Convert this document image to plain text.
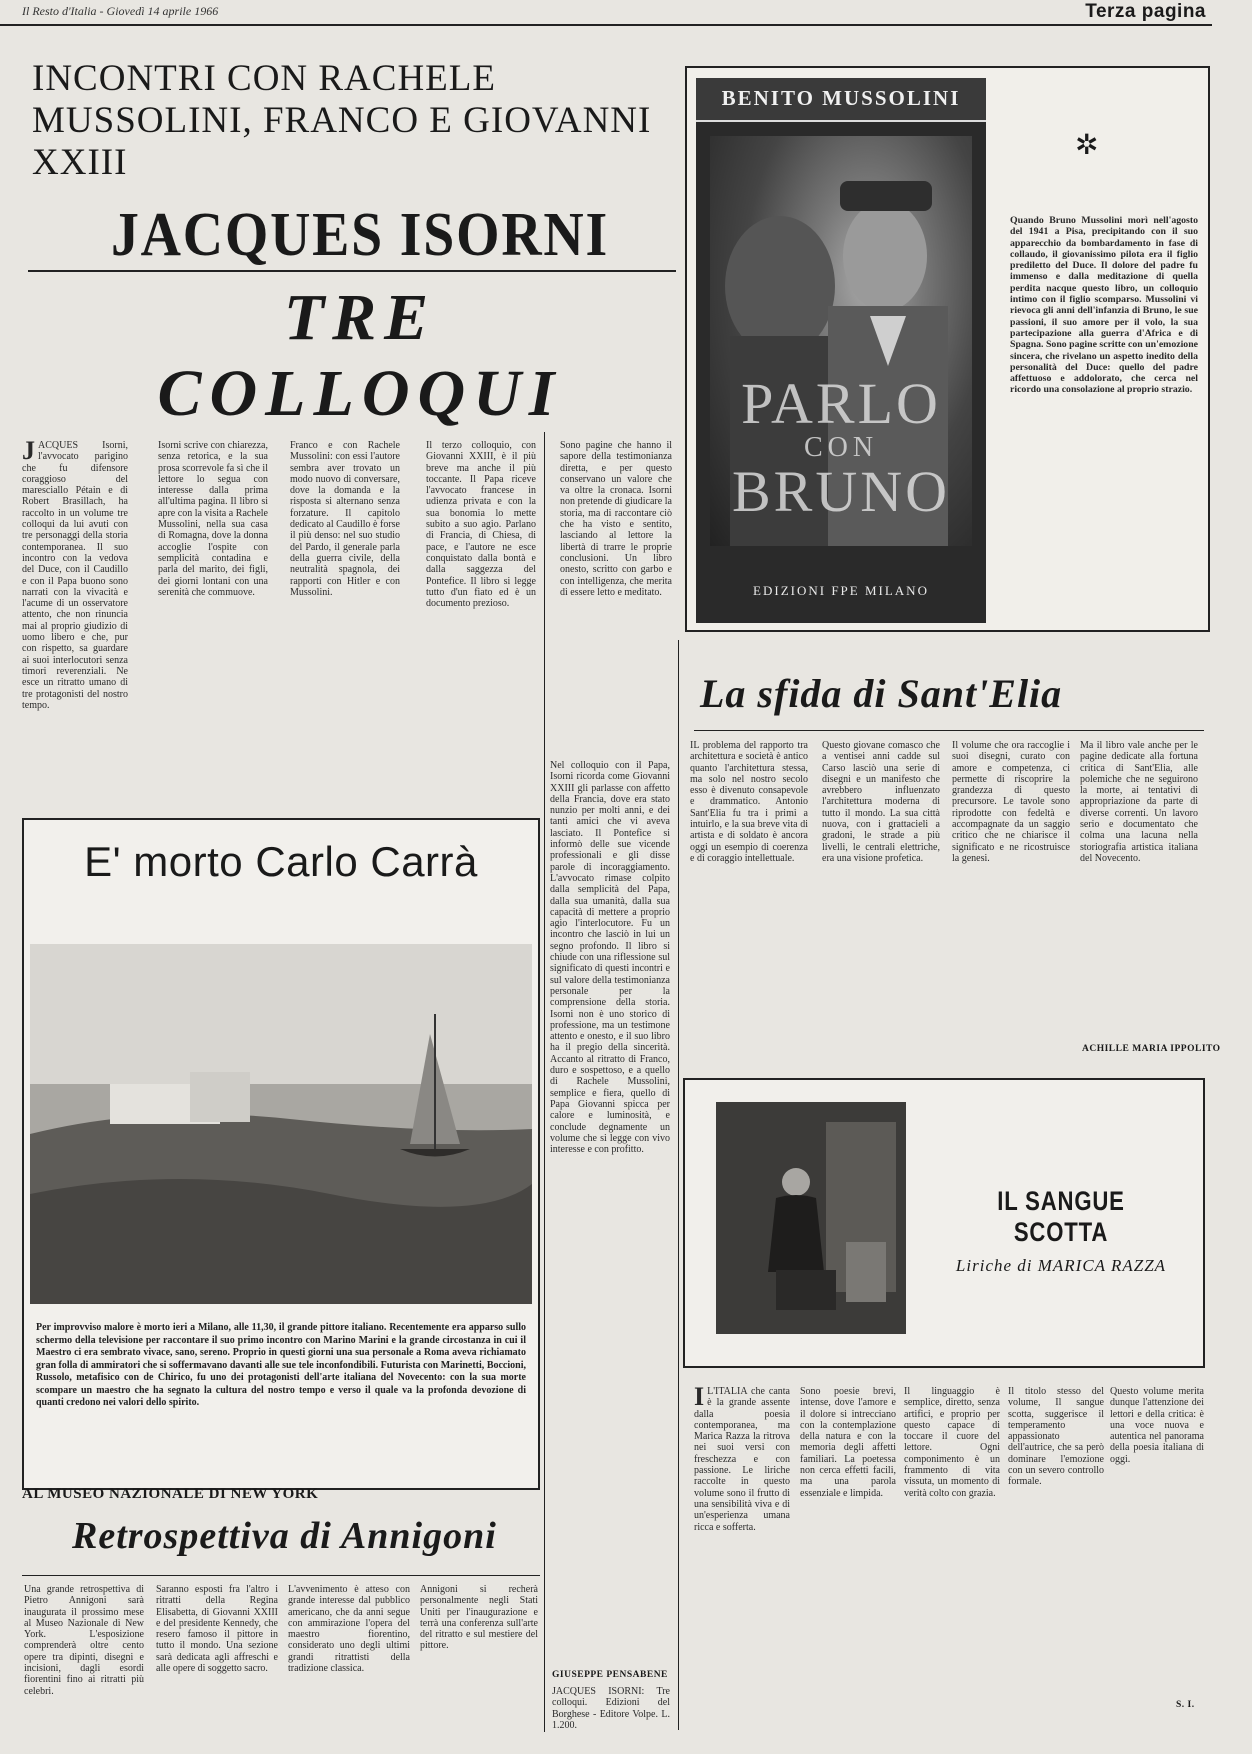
Il Resto d'Italia - Giovedì 14 aprile 1966	Terza pagina
INCONTRI CON RACHELE MUSSOLINI, FRANCO E GIOVANNI XXIII
JACQUES ISORNI
TRE COLLOQUI
JACQUES Isorni, l'avvocato parigino che fu difensore coraggioso del maresciallo Pétain e di Robert Brasillach, ha raccolto in un volume tre colloqui da lui avuti con tre personaggi della storia contemporanea. Il suo incontro con la vedova del Duce, con il Caudillo e con il Papa buono sono narrati con la vivacità e l'acume di un osservatore attento, che non rinuncia mai al proprio giudizio di uomo libero e che, pur con rispetto, sa guardare ai suoi interlocutori senza timori reverenziali. Ne esce un ritratto umano di tre protagonisti del nostro tempo.
Isorni scrive con chiarezza, senza retorica, e la sua prosa scorrevole fa sì che il lettore lo segua con interesse dalla prima all'ultima pagina. Il libro si apre con la visita a Rachele Mussolini, nella sua casa di Romagna, dove la donna accoglie l'ospite con semplicità contadina e parla del marito, dei figli, dei giorni lontani con una serenità che commuove.
Franco e con Rachele Mussolini: con essi l'autore sembra aver trovato un modo nuovo di conversare, dove la domanda e la risposta si alternano senza forzature. Il capitolo dedicato al Caudillo è forse il più denso: nel suo studio del Pardo, il generale parla della guerra civile, della neutralità spagnola, dei rapporti con Hitler e con Mussolini.
Il terzo colloquio, con Giovanni XXIII, è il più breve ma anche il più toccante. Il Papa riceve l'avvocato francese in udienza privata e con la sua bonomia lo mette subito a suo agio. Parlano di Francia, di Chiesa, di pace, e l'autore ne esce conquistato dalla bontà e dalla saggezza del Pontefice. Il libro si legge tutto d'un fiato ed è un documento prezioso.
Sono pagine che hanno il sapore della testimonianza diretta, e per questo conservano un valore che va oltre la cronaca. Isorni non pretende di giudicare la storia, ma di raccontare ciò che ha visto e sentito, lasciando al lettore la libertà di trarre le proprie conclusioni. Un libro onesto, scritto con garbo e con intelligenza, che merita di essere letto e meditato.
BENITO MUSSOLINI
PARLO
CON
BRUNO
EDIZIONI FPE MILANO
✲
Quando Bruno Mussolini morì nell'agosto del 1941 a Pisa, precipitando con il suo apparecchio da bombardamento in fase di collaudo, il giovanissimo pilota era il figlio prediletto del Duce. Il dolore del padre fu immenso e dalla meditazione di quella perdita nacque questo libro, un colloquio intimo con il figlio scomparso. Mussolini vi rievoca gli anni dell'infanzia di Bruno, le sue passioni, il suo amore per il volo, la sua partecipazione alla guerra d'Africa e di Spagna. Sono pagine scritte con un'emozione sincera, che rivelano un aspetto inedito della personalità del Duce: quello del padre affettuoso e addolorato, che cerca nel ricordo una consolazione al proprio strazio.
La sfida di Sant'Elia
IL problema del rapporto tra architettura e società è antico quanto l'architettura stessa, ma solo nel nostro secolo esso è divenuto consapevole e drammatico. Antonio Sant'Elia fu tra i primi a intuirlo, e la sua breve vita di artista e di soldato è ancora oggi un esempio di coerenza e di coraggio intellettuale.
Questo giovane comasco che a ventisei anni cadde sul Carso lasciò una serie di disegni e un manifesto che avrebbero influenzato l'architettura moderna di tutto il mondo. La sua città nuova, con i grattacieli a gradoni, le strade a più livelli, le centrali elettriche, era una visione profetica.
Il volume che ora raccoglie i suoi disegni, curato con amore e competenza, ci permette di riscoprire la grandezza di questo precursore. Le tavole sono riprodotte con fedeltà e accompagnate da un saggio critico che ne chiarisce il significato e ne ricostruisce la genesi.
Ma il libro vale anche per le pagine dedicate alla fortuna critica di Sant'Elia, alle polemiche che ne seguirono la morte, ai tentativi di appropriazione da parte di diverse correnti. Un lavoro serio e documentato che colma una lacuna nella storiografia artistica italiana del Novecento.
ACHILLE MARIA IPPOLITO
E' morto Carlo Carrà
Per improvviso malore è morto ieri a Milano, alle 11,30, il grande pittore italiano. Recentemente era apparso sullo schermo della televisione per raccontare il suo primo incontro con Marino Marini e la grande circostanza in cui il Maestro ci era sembrato vivace, sano, sereno. Proprio in questi giorni una sua personale a Roma aveva richiamato gran folla di ammiratori che si soffermavano davanti alle sue tele inconfondibili. Futurista con Marinetti, Boccioni, Russolo, metafisico con de Chirico, fu uno dei protagonisti dell'arte italiana del Novecento: con la sua morte scompare un maestro che ha segnato la cultura del nostro tempo e verso il quale va la profonda devozione di quanti credono nei valori dello spirito.
AL MUSEO NAZIONALE DI NEW YORK
Retrospettiva di Annigoni
Una grande retrospettiva di Pietro Annigoni sarà inaugurata il prossimo mese al Museo Nazionale di New York. L'esposizione comprenderà oltre cento opere tra dipinti, disegni e incisioni, dagli esordi fiorentini fino ai ritratti più celebri.
Saranno esposti fra l'altro i ritratti della Regina Elisabetta, di Giovanni XXIII e del presidente Kennedy, che resero famoso il pittore in tutto il mondo. Una sezione sarà dedicata agli affreschi e alle opere di soggetto sacro.
L'avvenimento è atteso con grande interesse dal pubblico americano, che da anni segue con ammirazione l'opera del maestro fiorentino, considerato uno degli ultimi grandi ritrattisti della tradizione classica.
Annigoni si recherà personalmente negli Stati Uniti per l'inaugurazione e terrà una conferenza sull'arte del ritratto e sul mestiere del pittore.
Nel colloquio con il Papa, Isorni ricorda come Giovanni XXIII gli parlasse con affetto della Francia, dove era stato nunzio per molti anni, e dei tanti amici che vi aveva lasciato. Il Pontefice si informò delle sue vicende professionali e gli disse parole di incoraggiamento. L'avvocato rimase colpito dalla semplicità del Papa, dalla sua umanità, dalla sua capacità di mettere a proprio agio l'interlocutore. Fu un incontro che lasciò in lui un segno profondo. Il libro si chiude con una riflessione sul significato di questi incontri e sul valore della testimonianza personale per la comprensione della storia. Isorni non è uno storico di professione, ma un testimone attento e onesto, e il suo libro ha il pregio della sincerità. Accanto al ritratto di Franco, duro e sospettoso, e a quello di Rachele Mussolini, semplice e fiera, quello di Papa Giovanni spicca per calore e luminosità, e conclude degnamente un volume che si legge con vivo interesse e con profitto.
GIUSEPPE PENSABENE
JACQUES ISORNI: Tre colloqui. Edizioni del Borghese - Editore Volpe. L. 1.200.
IL SANGUE SCOTTA
Liriche di MARICA RAZZA
I L'ITALIA che canta è la grande assente dalla poesia contemporanea, ma Marica Razza la ritrova nei suoi versi con freschezza e con passione. Le liriche raccolte in questo volume sono il frutto di una sensibilità viva e di un'esperienza umana ricca e sofferta.
Sono poesie brevi, intense, dove l'amore e il dolore si intrecciano con la contemplazione della natura e con la memoria degli affetti familiari. La poetessa non cerca effetti facili, ma una parola essenziale e limpida.
Il linguaggio è semplice, diretto, senza artifici, e proprio per questo capace di toccare il cuore del lettore. Ogni componimento è un frammento di vita vissuta, un momento di verità colto con grazia.
Il titolo stesso del volume, Il sangue scotta, suggerisce il temperamento appassionato dell'autrice, che sa però dominare l'emozione con un severo controllo formale.
Questo volume merita dunque l'attenzione dei lettori e della critica: è una voce nuova e autentica nel panorama della poesia italiana di oggi.
S. I.
